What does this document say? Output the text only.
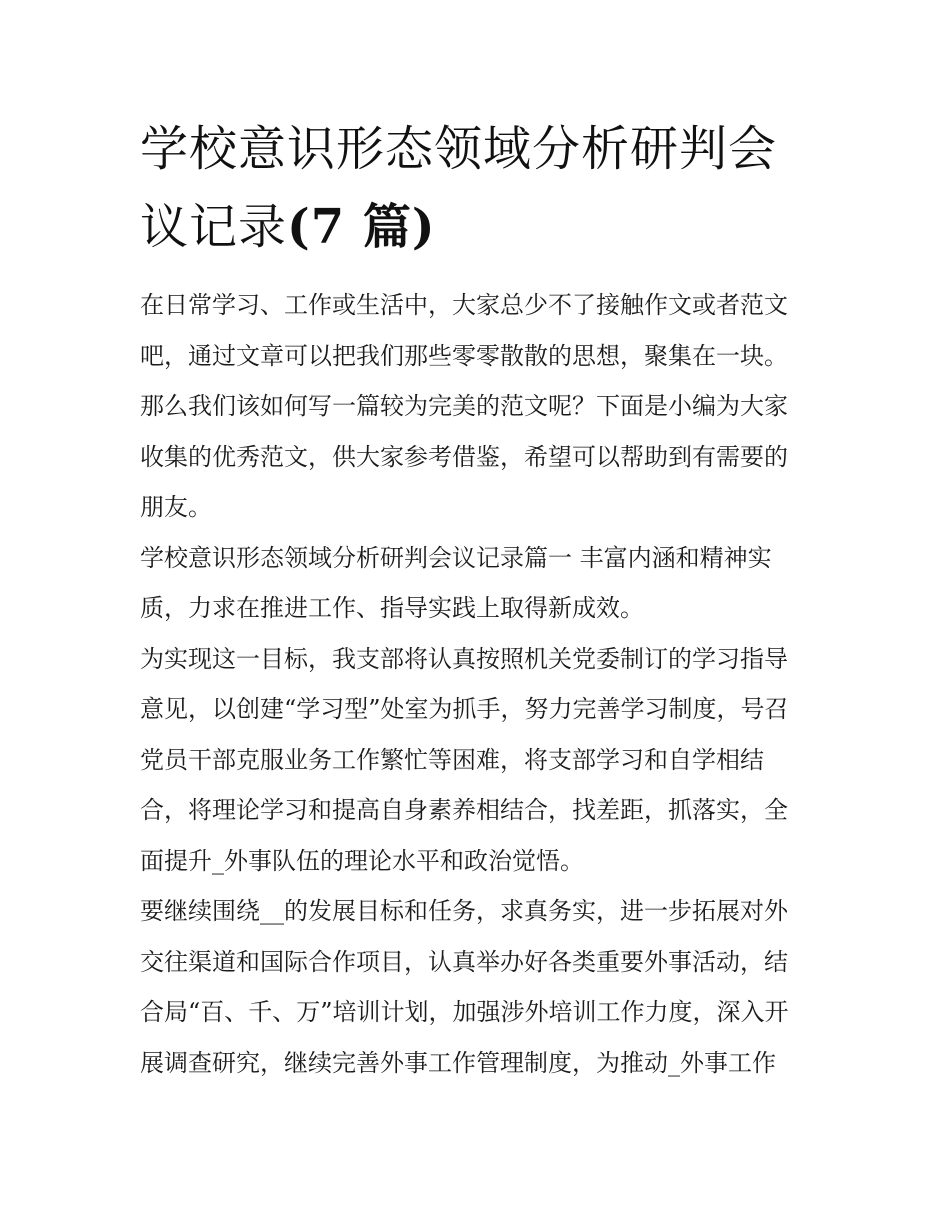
学校意识形态领域分析研判会
议记录(7 篇)

在日常学习、工作或生活中，大家总少不了接触作文或者范文
吧，通过文章可以把我们那些零零散散的思想，聚集在一块。
那么我们该如何写一篇较为完美的范文呢？下面是小编为大家
收集的优秀范文，供大家参考借鉴，希望可以帮助到有需要的
朋友。

学校意识形态领域分析研判会议记录篇一 丰富内涵和精神实
质，力求在推进工作、指导实践上取得新成效。

为实现这一目标，我支部将认真按照机关党委制订的学习指导
意见，以创建“学习型”处室为抓手，努力完善学习制度，号召
党员干部克服业务工作繁忙等困难，将支部学习和自学相结
合，将理论学习和提高自身素养相结合，找差距，抓落实，全
面提升_外事队伍的理论水平和政治觉悟。

要继续围绕__的发展目标和任务，求真务实，进一步拓展对外
交往渠道和国际合作项目，认真举办好各类重要外事活动，结
合局“百、千、万”培训计划，加强涉外培训工作力度，深入开
展调查研究，继续完善外事工作管理制度，为推动_外事工作
